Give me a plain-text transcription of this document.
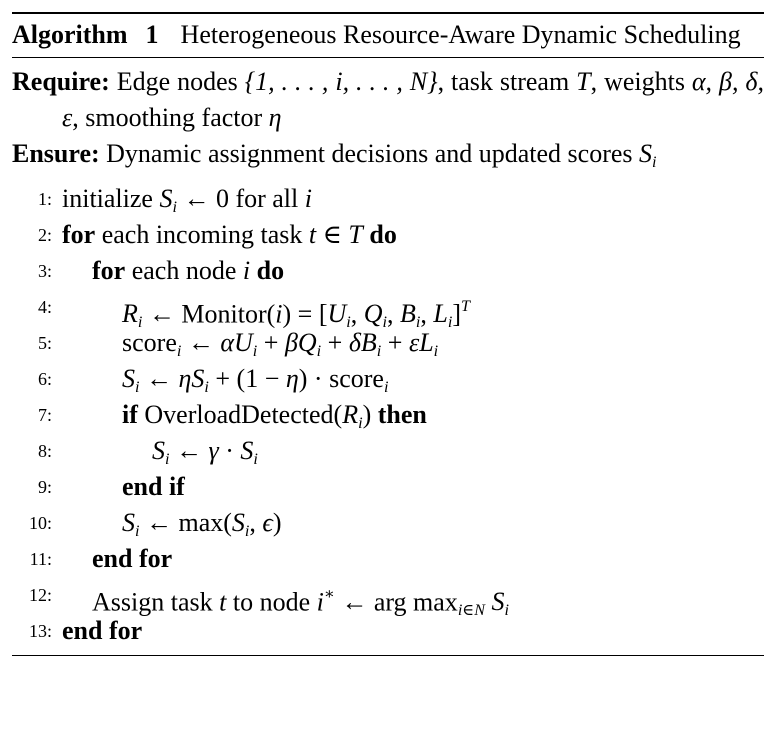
Algorithm 1 Heterogeneous Resource-Aware Dynamic Scheduling
Require: Edge nodes {1, . . . , i, . . . , N}, task stream T, weights α, β, δ, ε, smoothing factor η
Ensure: Dynamic assignment decisions and updated scores $S_i$
1: initialize $S_i$ ← 0 for all i
2: for each incoming task t ∈ T do
3: for each node i do
4:	$R_i$ ← Monitor(i) = [$U_i$, $Q_i$, $B_i$, $L_i]^T$
5:	score$_i$ ← $\alpha U_i + \beta Q_i + \delta B_i + \varepsilon L_i$
6:	$S_i$ ← $\eta S_i + (1 - \eta)$ · score$_i$
7:	if $OverloadDetected(R_i)$ then
8:	$S_i$ ← $\gamma \cdot S_i$
9:	end if
10:	$S_i$ ← $\max(S_i$, ϵ)
11: end for
12: Assign task t to node i∗ ← arg $\max_{i\in N} S_i$
13: end for
